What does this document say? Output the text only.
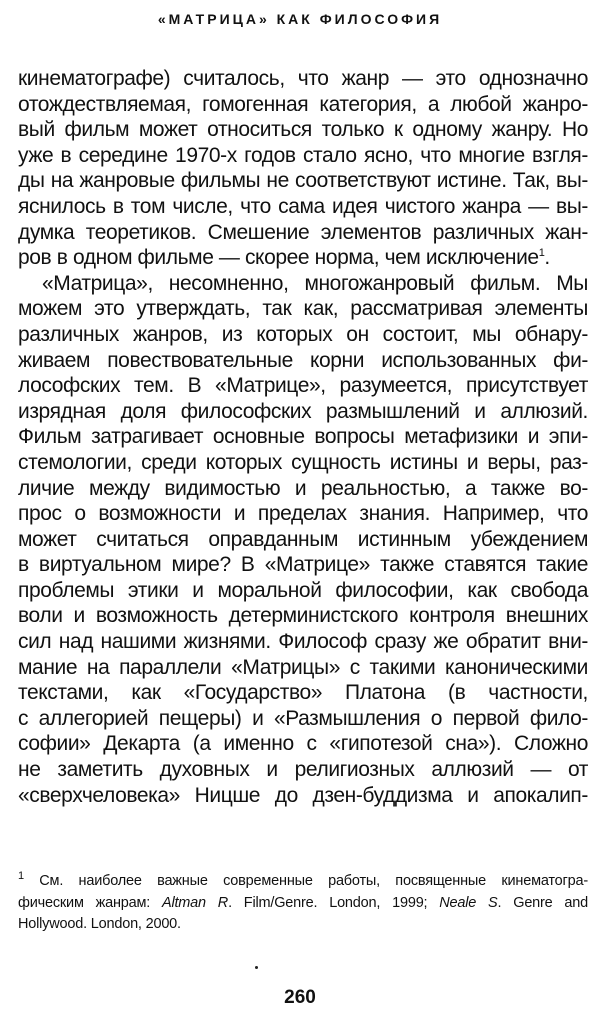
«МАТРИЦА» КАК ФИЛОСОФИЯ
кинематографе) считалось, что жанр — это однозначно
отождествляемая, гомогенная категория, а любой жанро-
вый фильм может относиться только к одному жанру. Но
уже в середине 1970-х годов стало ясно, что многие взгля-
ды на жанровые фильмы не соответствуют истине. Так, вы-
яснилось в том числе, что сама идея чистого жанра — вы-
думка теоретиков. Смешение элементов различных жан-
ров в одном фильме — скорее норма, чем исключение$^1$.
«Матрица», несомненно, многожанровый фильм. Мы
можем это утверждать, так как, рассматривая элементы
различных жанров, из которых он состоит, мы обнару-
живаем повествовательные корни использованных фи-
лософских тем. В «Матрице», разумеется, присутствует
изрядная доля философских размышлений и аллюзий.
Фильм затрагивает основные вопросы метафизики и эпи-
стемологии, среди которых сущность истины и веры, раз-
личие между видимостью и реальностью, а также во-
прос о возможности и пределах знания. Например, что
может считаться оправданным истинным убеждением
в виртуальном мире? В «Матрице» также ставятся такие
проблемы этики и моральной философии, как свобода
воли и возможность детерминистского контроля внешних
сил над нашими жизнями. Философ сразу же обратит вни-
мание на параллели «Матрицы» с такими каноническими
текстами, как «Государство» Платона (в частности,
с аллегорией пещеры) и «Размышления о первой фило-
софии» Декарта (а именно с «гипотезой сна»). Сложно
не заметить духовных и религиозных аллюзий — от
«сверхчеловека» Ницше до дзен-буддизма и апокалип-
$^1$ См. наиболее важные современные работы, посвященные кинематогра-
фическим жанрам: Altman R. Film/Genre. London, 1999; Neale S. Genre and
Hollywood. London, 2000.
260
